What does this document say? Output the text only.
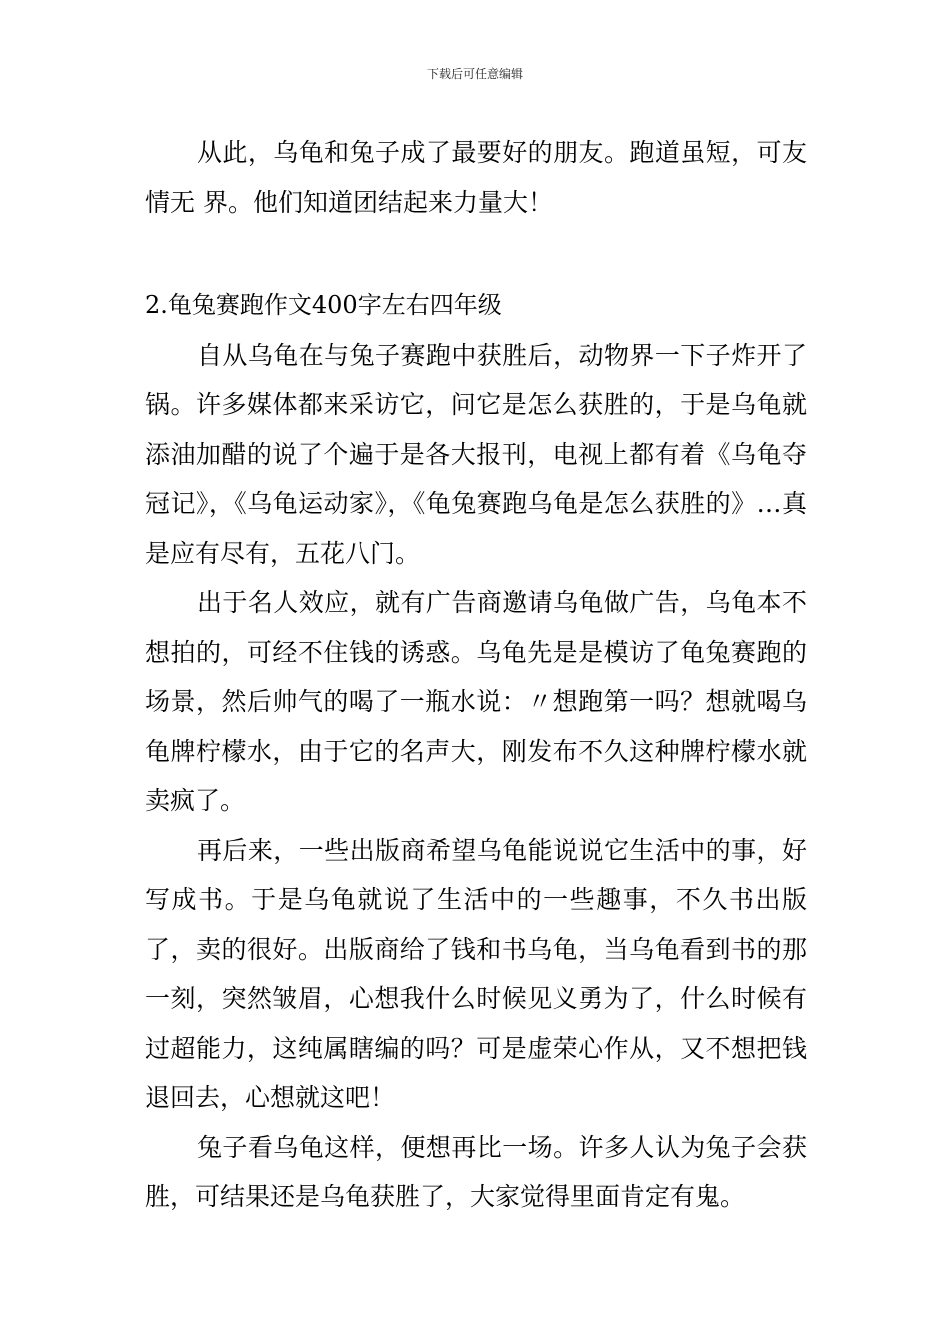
下载后可任意编辑

从此，乌龟和兔子成了最要好的朋友。跑道虽短，可友情无 界。他们知道团结起来力量大！

2.龟兔赛跑作文400字左右四年级

自从乌龟在与兔子赛跑中获胜后，动物界一下子炸开了锅。许多媒体都来采访它，问它是怎么获胜的，于是乌龟就添油加醋的说了个遍于是各大报刊，电视上都有着《乌龟夺冠记》，《乌龟运动家》，《龟兔赛跑乌龟是怎么获胜的》…真是应有尽有，五花八门。

出于名人效应，就有广告商邀请乌龟做广告，乌龟本不想拍的，可经不住钱的诱惑。乌龟先是是模访了龟兔赛跑的场景，然后帅气的喝了一瓶水说：〃想跑第一吗？想就喝乌龟牌柠檬水，由于它的名声大，刚发布不久这种牌柠檬水就卖疯了。

再后来，一些出版商希望乌龟能说说它生活中的事，好写成书。于是乌龟就说了生活中的一些趣事，不久书出版了，卖的很好。出版商给了钱和书乌龟，当乌龟看到书的那一刻，突然皱眉，心想我什么时候见义勇为了，什么时候有过超能力，这纯属瞎编的吗？可是虚荣心作从，又不想把钱退回去，心想就这吧！

兔子看乌龟这样，便想再比一场。许多人认为兔子会获胜，可结果还是乌龟获胜了，大家觉得里面肯定有鬼。
